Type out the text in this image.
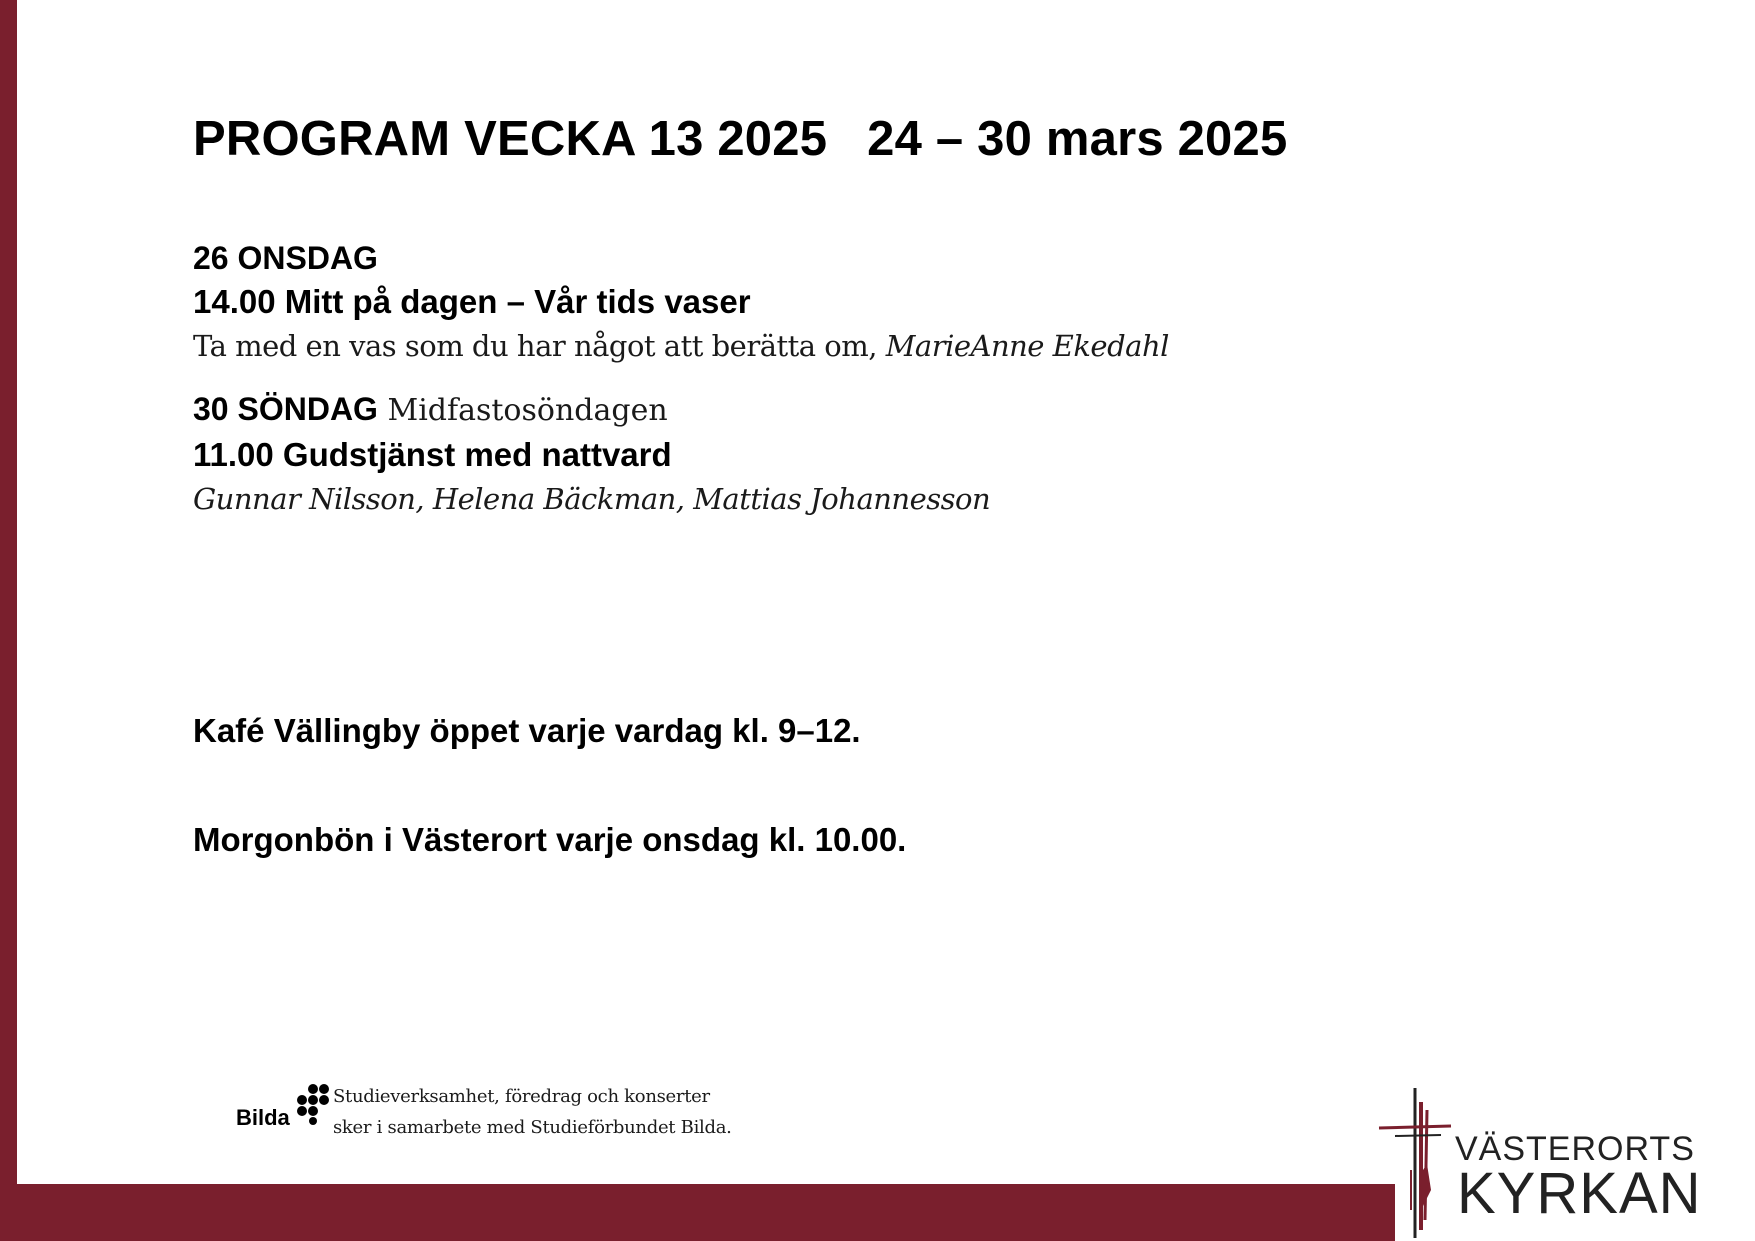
PROGRAM VECKA 13 2025 24 – 30 mars 2025
26 ONSDAG
14.00 Mitt på dagen – Vår tids vaser
Ta med en vas som du har något att berätta om, MarieAnne Ekedahl
30 SÖNDAG Midfastosöndagen
11.00 Gudstjänst med nattvard
Gunnar Nilsson, Helena Bäckman, Mattias Johannesson
Kafé Vällingby öppet varje vardag kl. 9–12.
Morgonbön i Västerort varje onsdag kl. 10.00.
Bilda
Studieverksamhet, föredrag och konserter
sker i samarbete med Studieförbundet Bilda.
VÄSTERORTS
KYRKAN
